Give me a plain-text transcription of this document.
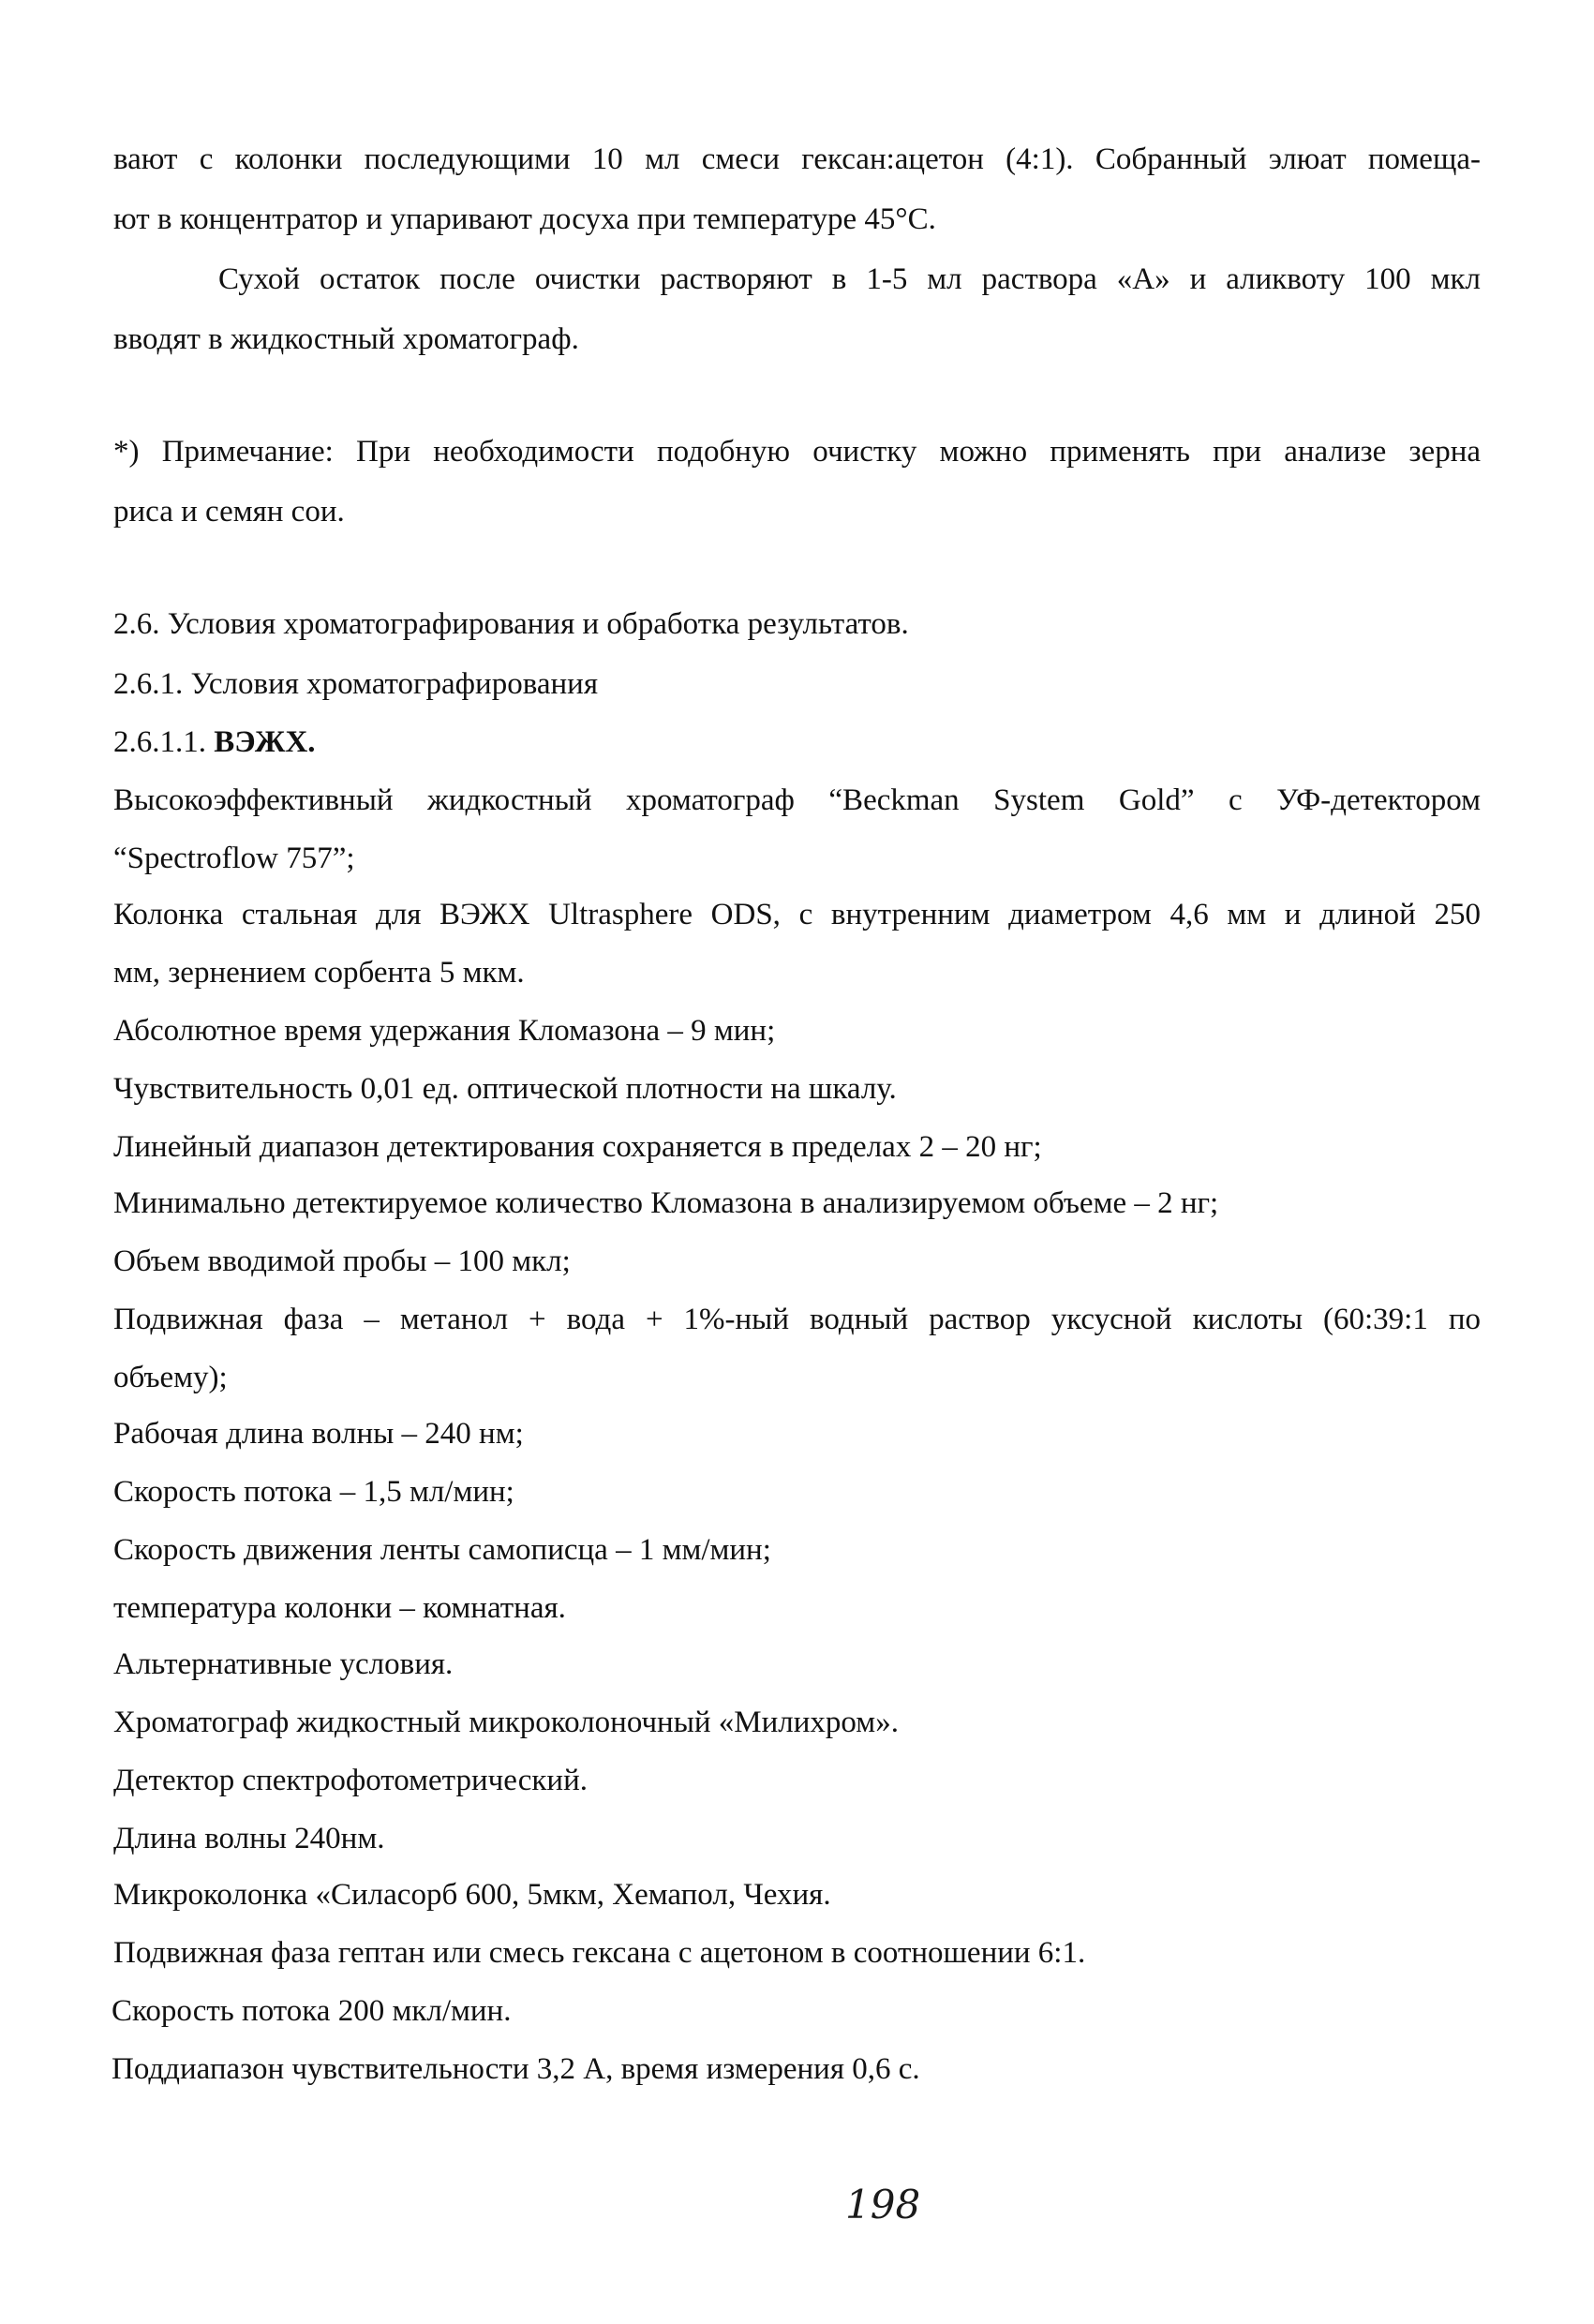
вают с колонки последующими 10 мл смеси гексан:ацетон (4:1). Собранный элюат помеща-
ют в концентратор и упаривают досуха при температуре 45°С.
Сухой остаток после очистки растворяют в 1-5 мл раствора «А» и аликвоту 100 мкл
вводят в жидкостный хроматограф.
*) Примечание: При необходимости подобную очистку можно применять при анализе зерна
риса и семян сои.
2.6. Условия хроматографирования и обработка результатов.
2.6.1. Условия хроматографирования
2.6.1.1. ВЭЖХ.
Высокоэффективный жидкостный хроматограф “Beckman System Gold” с УФ-детектором
“Spectroflow 757”;
Колонка стальная для ВЭЖХ Ultrasphere ODS, с внутренним диаметром 4,6 мм и длиной 250
мм, зернением сорбента 5 мкм.
Абсолютное время удержания Кломазона – 9 мин;
Чувствительность 0,01 ед. оптической плотности на шкалу.
Линейный диапазон детектирования сохраняется в пределах 2 – 20 нг;
Минимально детектируемое количество Кломазона в анализируемом объеме – 2 нг;
Объем вводимой пробы – 100 мкл;
Подвижная фаза – метанол + вода + 1%-ный водный раствор уксусной кислоты (60:39:1 по
объему);
Рабочая длина волны – 240 нм;
Скорость потока – 1,5 мл/мин;
Скорость движения ленты самописца – 1 мм/мин;
температура колонки – комнатная.
Альтернативные условия.
Хроматограф жидкостный микроколоночный «Милихром».
Детектор спектрофотометрический.
Длина волны 240нм.
Микроколонка «Силасорб 600, 5мкм, Хемапол, Чехия.
Подвижная фаза гептан или смесь гексана с ацетоном в соотношении 6:1.
Скорость потока 200 мкл/мин.
Поддиапазон чувствительности 3,2 А, время измерения 0,6 с.
198
